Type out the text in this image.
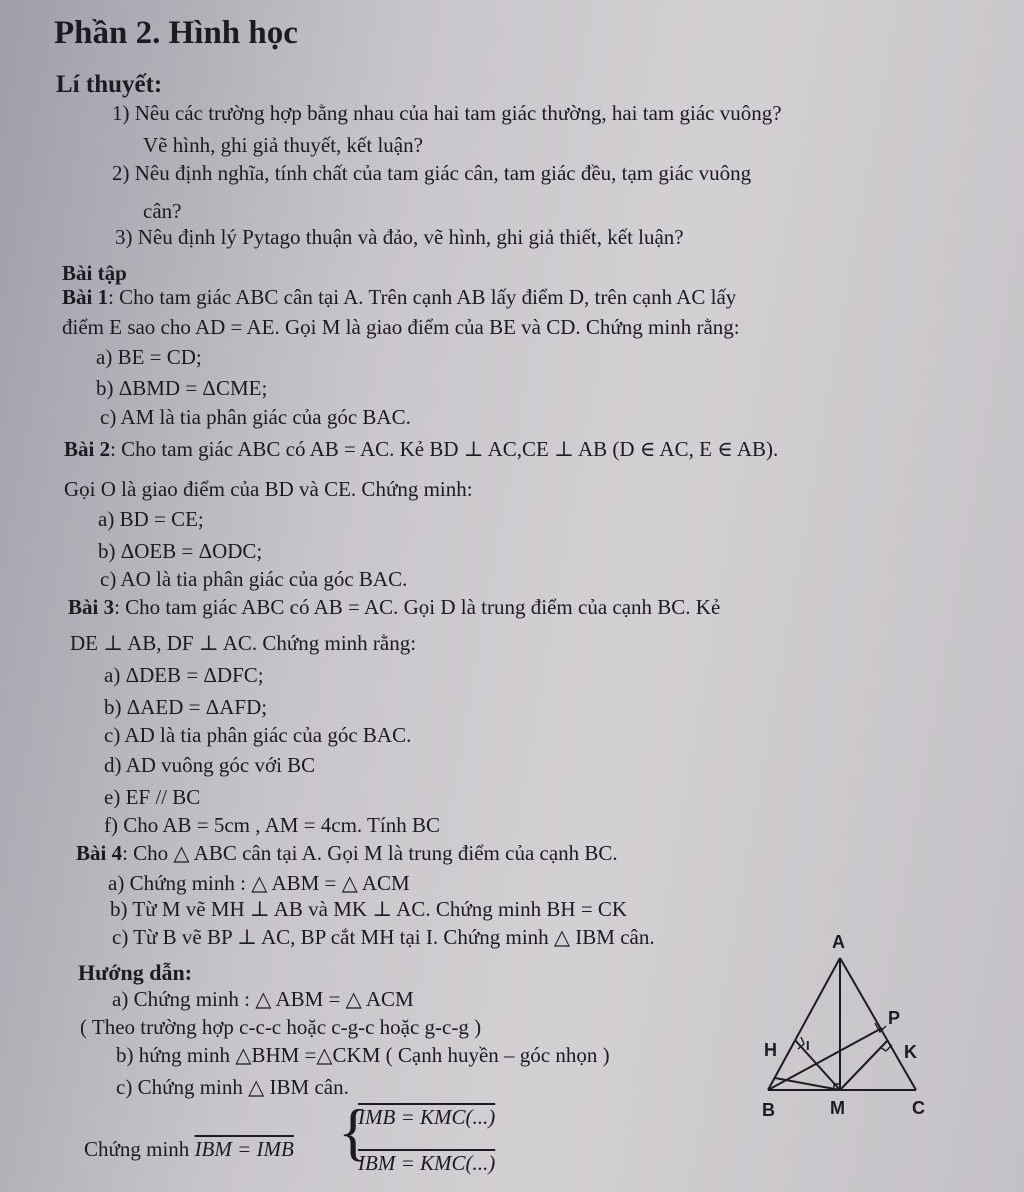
Phần 2. Hình học
Lí thuyết:
1) Nêu các trường hợp bằng nhau của hai tam giác thường, hai tam giác vuông?
Vẽ hình, ghi giả thuyết, kết luận?
2) Nêu định nghĩa, tính chất của tam giác cân, tam giác đều, tạm giác vuông
cân?
3) Nêu định lý Pytago thuận và đảo, vẽ hình, ghi giả thiết, kết luận?
Bài tập
Bài 1: Cho tam giác ABC cân tại A. Trên cạnh AB lấy điểm D, trên cạnh AC lấy
điểm E sao cho AD = AE. Gọi M là giao điểm của BE và CD. Chứng minh rằng:
a) BE = CD;
b) ΔBMD = ΔCME;
c) AM là tia phân giác của góc BAC.
Bài 2: Cho tam giác ABC có AB = AC. Kẻ BD ⊥ AC,CE ⊥ AB (D ∈ AC, E ∈ AB).
Gọi O là giao điểm của BD và CE. Chứng minh:
a) BD = CE;
b) ΔOEB = ΔODC;
c) AO là tia phân giác của góc BAC.
Bài 3: Cho tam giác ABC có AB = AC. Gọi D là trung điểm của cạnh BC. Kẻ
DE ⊥ AB, DF ⊥ AC. Chứng minh rằng:
a) ΔDEB = ΔDFC;
b) ΔAED = ΔAFD;
c) AD là tia phân giác của góc BAC.
d) AD vuông góc với BC
e) EF // BC
f) Cho AB = 5cm , AM = 4cm. Tính BC
Bài 4: Cho △ ABC cân tại A. Gọi M là trung điểm của cạnh BC.
a) Chứng minh : △ ABM = △ ACM
b) Từ M vẽ MH ⊥ AB và MK ⊥ AC. Chứng minh BH = CK
c) Từ B vẽ BP ⊥ AC, BP cắt MH tại I. Chứng minh △ IBM cân.
Hướng dẫn:
a) Chứng minh : △ ABM = △ ACM
( Theo trường hợp c-c-c hoặc c-g-c hoặc g-c-g )
b) hứng minh △BHM =△CKM ( Cạnh huyền – góc nhọn )
c) Chứng minh △ IBM cân.
Chứng minh IBM = IMB {
IMB = KMC(...)
IBM = KMC(...)
A
P
H I	K
B	M	C
